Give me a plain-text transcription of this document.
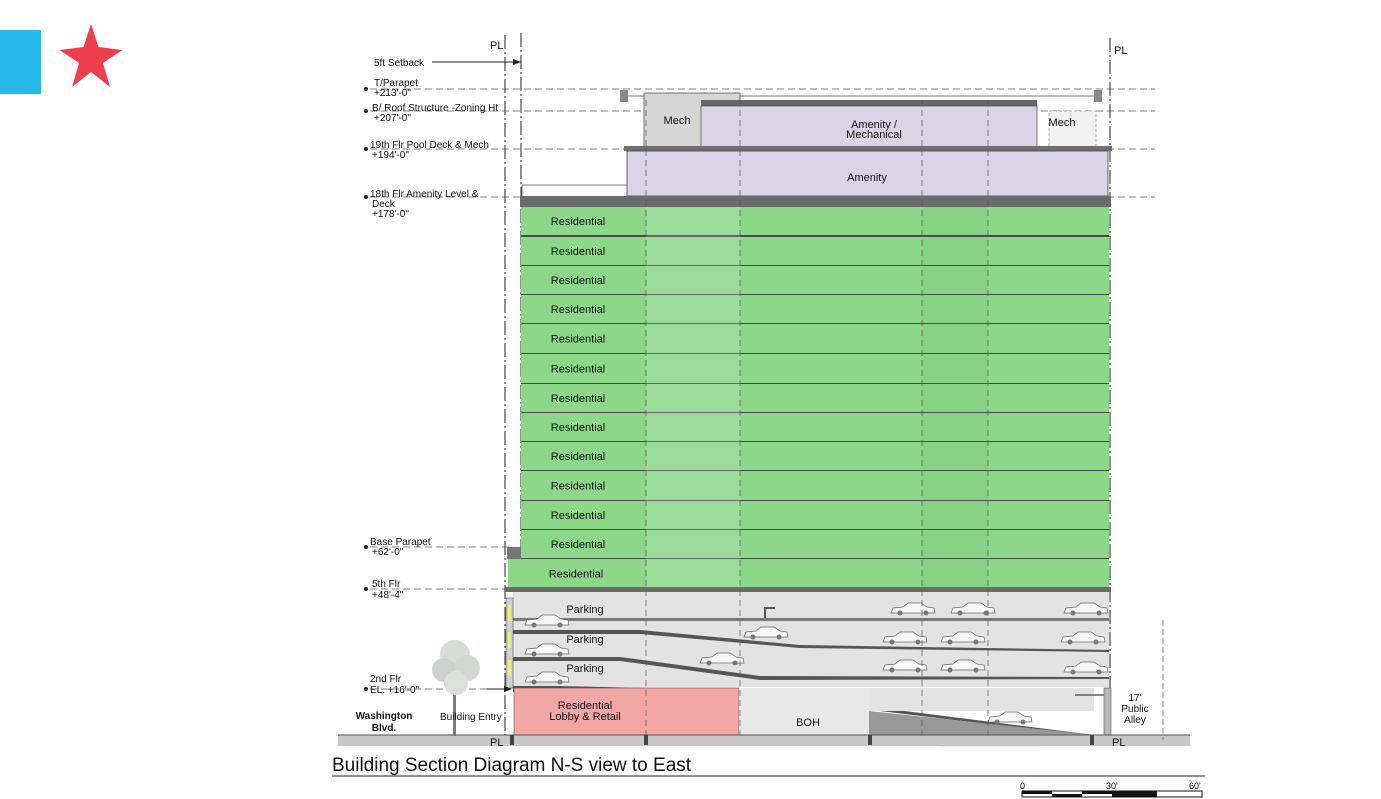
PL	PL
5ft Setback
T/Parapet
+213'-0"
B/ Roof Structure -Zoning Ht
+207'-0"
19th Flr Pool Deck & Mech
+194'-0"
18th Flr Amenity Level &
Deck
+178'-0"
Base Parapet
+62'-0"
5th Flr
+48'-4"
2nd Flr
EL. +16'-0"
Mech	Amenity /
Mechanical
Mech
Amenity
Residential
Residential
Residential
Residential
Residential
Residential
Residential
Residential
Residential
Residential
Residential
Residential
Residential
Parking
Parking
Parking
Residential
Lobby & Retail	BOH
PL	PL
Washington
Blvd.
Building Entry
17'
Public
Alley
Building Section Diagram N-S view to East
0	30'	60'
